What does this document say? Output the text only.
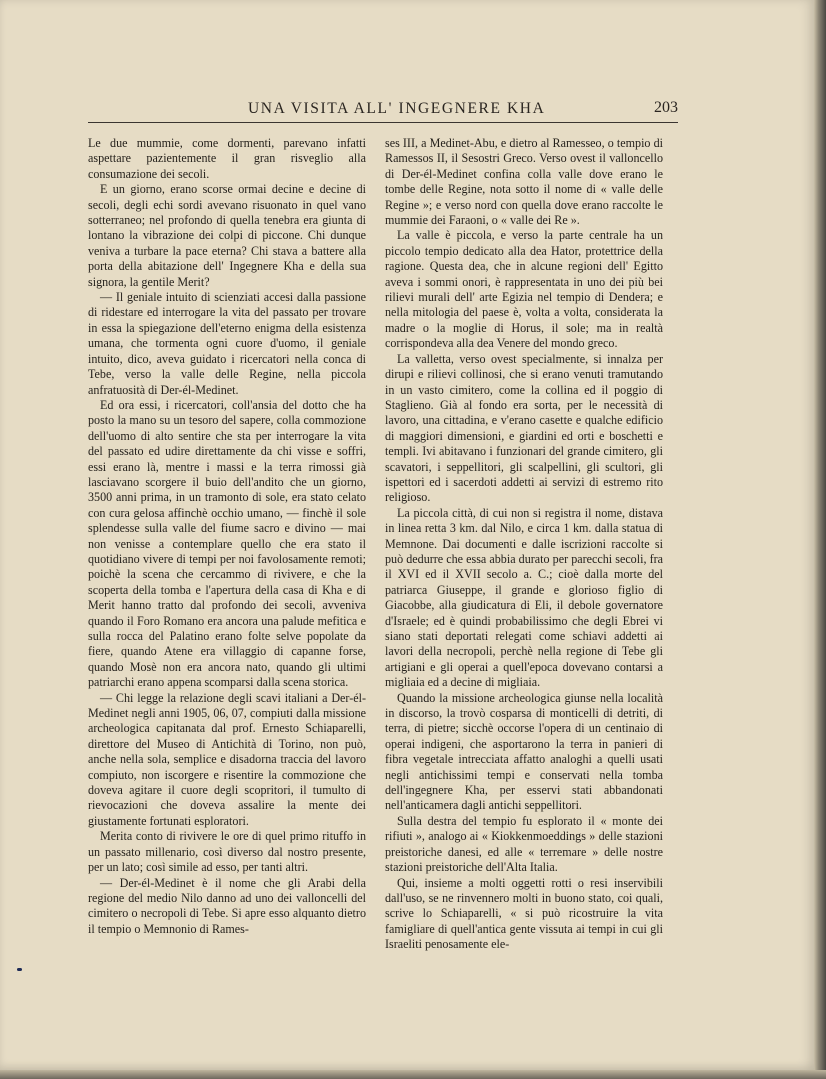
UNA VISITA ALL' INGEGNERE KHA	203

Le due mummie, come dormenti, parevano infatti aspettare pazientemente il gran risveglio alla consumazione dei secoli.

E un giorno, erano scorse ormai decine e decine di secoli, degli echi sordi avevano risuonato in quel vano sotterraneo; nel profondo di quella tenebra era giunta di lontano la vibrazione dei colpi di piccone. Chi dunque veniva a turbare la pace eterna? Chi stava a battere alla porta della abitazione dell' Ingegnere Kha e della sua signora, la gentile Merit?

— Il geniale intuito di scienziati accesi dalla passione di ridestare ed interrogare la vita del passato per trovare in essa la spiegazione dell'eterno enigma della esistenza umana, che tormenta ogni cuore d'uomo, il geniale intuito, dico, aveva guidato i ricercatori nella conca di Tebe, verso la valle delle Regine, nella piccola anfratuosità di Der-él-Medinet.

Ed ora essi, i ricercatori, coll'ansia del dotto che ha posto la mano su un tesoro del sapere, colla commozione dell'uomo di alto sentire che sta per interrogare la vita del passato ed udire direttamente da chi visse e soffri, essi erano là, mentre i massi e la terra rimossi già lasciavano scorgere il buio dell'andito che un giorno, 3500 anni prima, in un tramonto di sole, era stato celato con cura gelosa affinchè occhio umano, — finchè il sole splendesse sulla valle del fiume sacro e divino — mai non venisse a contemplare quello che era stato il quotidiano vivere di tempi per noi favolosamente remoti; poichè la scena che cercammo di rivivere, e che la scoperta della tomba e l'apertura della casa di Kha e di Merit hanno tratto dal profondo dei secoli, avveniva quando il Foro Romano era ancora una palude mefitica e sulla rocca del Palatino erano folte selve popolate da fiere, quando Atene era villaggio di capanne forse, quando Mosè non era ancora nato, quando gli ultimi patriarchi erano appena scomparsi dalla scena storica.

— Chi legge la relazione degli scavi italiani a Der-él-Medinet negli anni 1905, 06, 07, compiuti dalla missione archeologica capitanata dal prof. Ernesto Schiaparelli, direttore del Museo di Antichità di Torino, non può, anche nella sola, semplice e disadorna traccia del lavoro compiuto, non iscorgere e risentire la commozione che doveva agitare il cuore degli scopritori, il tumulto di rievocazioni che doveva assalire la mente dei giustamente fortunati esploratori.

Merita conto di rivivere le ore di quel primo rituffo in un passato millenario, così diverso dal nostro presente, per un lato; così simile ad esso, per tanti altri.

— Der-él-Medinet è il nome che gli Arabi della regione del medio Nilo danno ad uno dei valloncelli del cimitero o necropoli di Tebe. Si apre esso alquanto dietro il tempio o Memnonio di Rames-

ses III, a Medinet-Abu, e dietro al Ramesseo, o tempio di Ramessos II, il Sesostri Greco. Verso ovest il valloncello di Der-él-Medinet confina colla valle dove erano le tombe delle Regine, nota sotto il nome di « valle delle Regine »; e verso nord con quella dove erano raccolte le mummie dei Faraoni, o « valle dei Re ».

La valle è piccola, e verso la parte centrale ha un piccolo tempio dedicato alla dea Hator, protettrice della ragione. Questa dea, che in alcune regioni dell' Egitto aveva i sommi onori, è rappresentata in uno dei più bei rilievi murali dell' arte Egizia nel tempio di Dendera; e nella mitologia del paese è, volta a volta, considerata la madre o la moglie di Horus, il sole; ma in realtà corrispondeva alla dea Venere del mondo greco.

La valletta, verso ovest specialmente, si innalza per dirupi e rilievi collinosi, che si erano venuti tramutando in un vasto cimitero, come la collina ed il poggio di Staglieno. Già al fondo era sorta, per le necessità di lavoro, una cittadina, e v'erano casette e qualche edificio di maggiori dimensioni, e giardini ed orti e boschetti e templi. Ivi abitavano i funzionari del grande cimitero, gli scavatori, i seppellitori, gli scalpellini, gli scultori, gli ispettori ed i sacerdoti addetti ai servizi di estremo rito religioso.

La piccola città, di cui non si registra il nome, distava in linea retta 3 km. dal Nilo, e circa 1 km. dalla statua di Memnone. Dai documenti e dalle iscrizioni raccolte si può dedurre che essa abbia durato per parecchi secoli, fra il XVI ed il XVII secolo a. C.; cioè dalla morte del patriarca Giuseppe, il grande e glorioso figlio di Giacobbe, alla giudicatura di Eli, il debole governatore d'Israele; ed è quindi probabilissimo che degli Ebrei vi siano stati deportati relegati come schiavi addetti ai lavori della necropoli, perchè nella regione di Tebe gli artigiani e gli operai a quell'epoca dovevano contarsi a migliaia ed a decine di migliaia.

Quando la missione archeologica giunse nella località in discorso, la trovò cosparsa di monticelli di detriti, di terra, di pietre; sicchè occorse l'opera di un centinaio di operai indigeni, che asportarono la terra in panieri di fibra vegetale intrecciata affatto analoghi a quelli usati negli antichissimi tempi e conservati nella tomba dell'ingegnere Kha, per esservi stati abbandonati nell'anticamera dagli antichi seppellitori.

Sulla destra del tempio fu esplorato il « monte dei rifiuti », analogo ai « Kiokkenmoeddings » delle stazioni preistoriche danesi, ed alle « terremare » delle nostre stazioni preistoriche dell'Alta Italia.

Qui, insieme a molti oggetti rotti o resi inservibili dall'uso, se ne rinvennero molti in buono stato, coi quali, scrive lo Schiaparelli, « si può ricostruire la vita famigliare di quell'antica gente vissuta ai tempi in cui gli Israeliti penosamente ele-
